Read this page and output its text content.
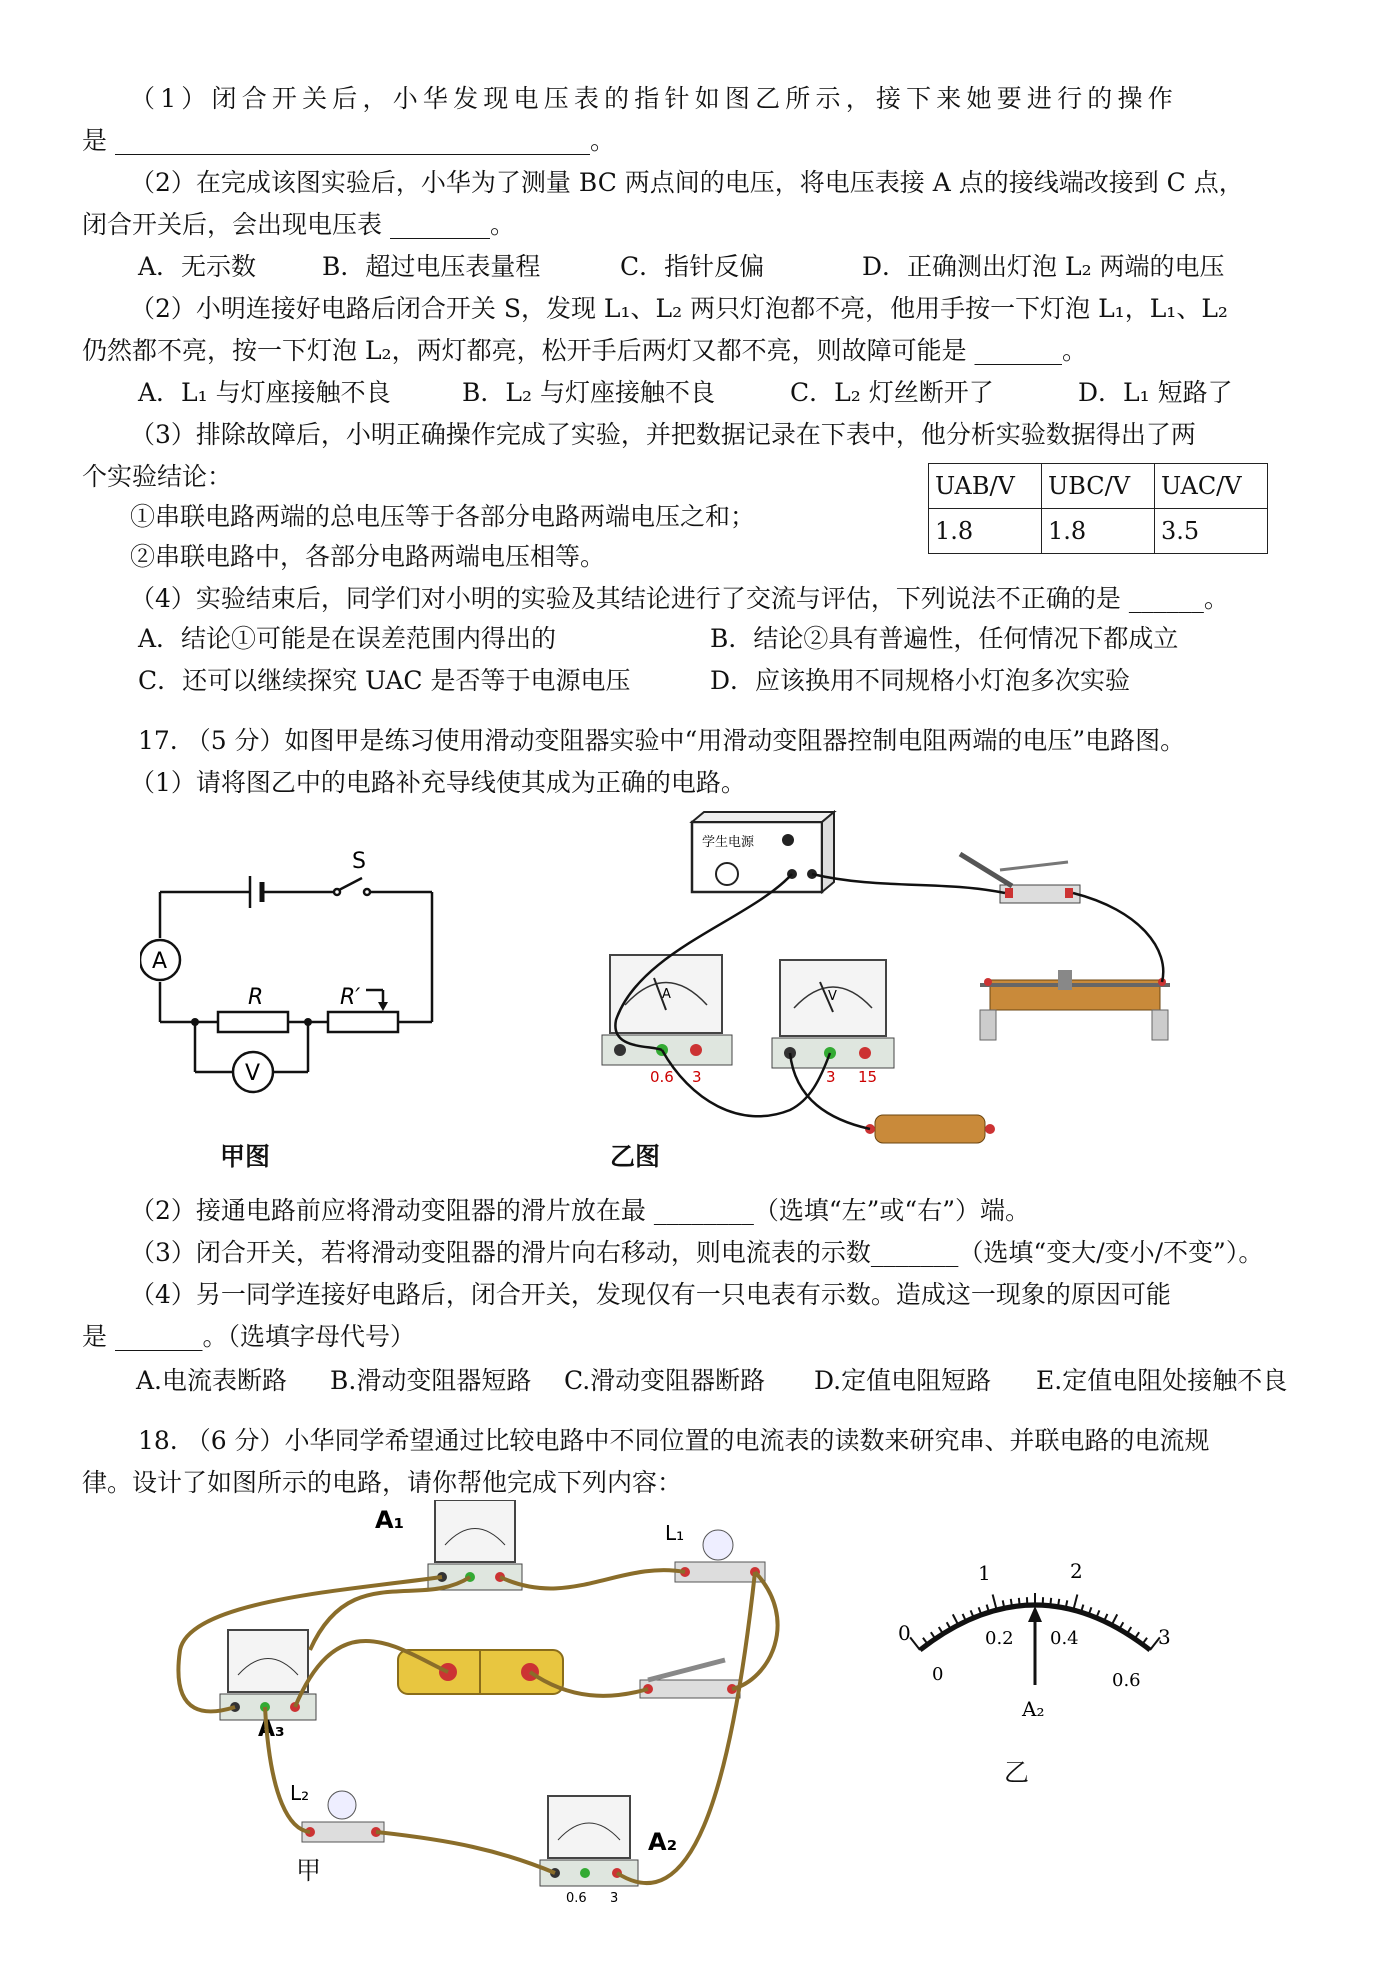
（1）闭合开关后，小华发现电压表的指针如图乙所示，接下来她要进行的操作
是 ______________________________________。
（2）在完成该图实验后，小华为了测量 BC 两点间的电压，将电压表接 A 点的接线端改接到 C 点，
闭合开关后，会出现电压表 ________。
A．无示数	B．超过电压表量程	C．指针反偏	D．正确测出灯泡 L₂ 两端的电压
（2）小明连接好电路后闭合开关 S，发现 L₁、L₂ 两只灯泡都不亮，他用手按一下灯泡 L₁，L₁、L₂
仍然都不亮，按一下灯泡 L₂，两灯都亮，松开手后两灯又都不亮，则故障可能是 _______。
A．L₁ 与灯座接触不良	B．L₂ 与灯座接触不良	C．L₂ 灯丝断开了	D．L₁ 短路了
（3）排除故障后，小明正确操作完成了实验，并把数据记录在下表中，他分析实验数据得出了两
个实验结论：
①串联电路两端的总电压等于各部分电路两端电压之和；
②串联电路中，各部分电路两端电压相等。
UAB/V	UBC/V	UAC/V
1.8	1.8	3.5
（4）实验结束后，同学们对小明的实验及其结论进行了交流与评估，下列说法不正确的是 ______。
A．结论①可能是在误差范围内得出的	B．结论②具有普遍性，任何情况下都成立
C．还可以继续探究 UAC 是否等于电源电压	D．应该换用不同规格小灯泡多次实验
17. （5 分）如图甲是练习使用滑动变阻器实验中“用滑动变阻器控制电阻两端的电压”电路图。
（1）请将图乙中的电路补充导线使其成为正确的电路。
S
A
R	R′
V
甲图
学生电源
A
0.6 3
V
3 15
乙图
（2）接通电路前应将滑动变阻器的滑片放在最 ________（选填“左”或“右”）端。
（3）闭合开关，若将滑动变阻器的滑片向右移动，则电流表的示数_______（选填“变大/变小/不变”）。
（4）另一同学连接好电路后，闭合开关，发现仅有一只电表有示数。造成这一现象的原因可能
是 _______。（选填字母代号）
A.电流表断路 B.滑动变阻器短路 C.滑动变阻器断路 D.定值电阻短路 E.定值电阻处接触不良
18. （6 分）小华同学希望通过比较电路中不同位置的电流表的读数来研究串、并联电路的电流规
律。设计了如图所示的电路，请你帮他完成下列内容：
A₁	L₁
A₃
L₂
0.6 3
A₂
甲
0
1	2
3
0
0.2 0.4
0.6
A₂
乙
